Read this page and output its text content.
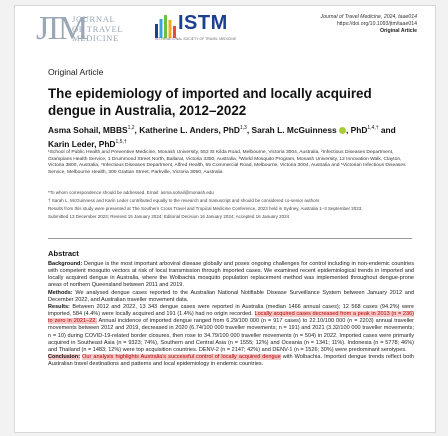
JTM
JOURNAL
OF TRAVEL
MEDICINE
ISTM
INTERNATIONAL SOCIETY OF TRAVEL MEDICINE
Journal of Travel Medicine, 2024, taae014
https://doi.org/10.1093/jtm/taae014
Original Article
Original Article
The epidemiology of imported and locally acquired dengue in Australia, 2012–2022
Asma Sohail, MBBS$^{1,2}$, Katherine L. Anders, PhD$^{1,3}$, Sarah L. McGuinness , PhD$^{1,4,\dagger}$ and
Karin Leder, PhD$^{1,5,\dagger}$
¹School of Public Health and Preventive Medicine, Monash University, 553 St Kilda Road, Melbourne, Victoria 3004, Australia, ²Infectious Diseases Department, Grampians Health Service, 1 Drummond Street North, Ballarat, Victoria 3350, Australia, ³World Mosquito Program, Monash University, 12 Innovation Walk, Clayton, Victoria 3800, Australia, ⁴Infectious Diseases Department, Alfred Health, 55 Commercial Road, Melbourne, Victoria 3004, Australia and ⁵Victorian Infectious Diseases Service, Melbourne Health, 300 Grattan Street, Parkville, Victoria 3050, Australia
*To whom correspondence should be addressed. Email: asma.sohail@monash.edu
† Sarah L. McGuinness and Karin Leder contributed equally to the research and manuscript and should be considered co-senior authors
Results from this study were presented at The Southern Cross Travel and Tropical Medicine Conference, 2023 held in Sydney, Australia 1–3 September 2023.
Submitted 13 December 2023; Revised 15 January 2024; Editorial Decision 16 January 2024; Accepted 16 January 2024
Abstract

Background: Dengue is the most important arboviral disease globally and poses ongoing challenges for control including in non-endemic countries with competent mosquito vectors at risk of local transmission through imported cases. We examined recent epidemiological trends in imported and locally acquired dengue in Australia, where the Wolbachia mosquito population replacement method was implemented throughout dengue-prone areas of northern Queensland between 2011 and 2019.

Methods: We analysed dengue cases reported to the Australian National Notifiable Disease Surveillance System between January 2012 and December 2022, and Australian traveller movement data.

Results: Between 2012 and 2022, 13 343 dengue cases were reported in Australia (median 1466 annual cases); 12 568 cases (94.2%) were imported, 584 (4.4%) were locally acquired and 191 (1.4%) had no origin recorded. Locally acquired cases decreased from a peak in 2013 (n = 236) to zero in 2021–22. Annual incidence of imported dengue ranged from 6.29/100 000 (n = 917 cases) to 22.10/100 000 (n = 2203) annual traveller movements between 2012 and 2019, decreased in 2020 (6.74/100 000 traveller movements; n = 191) and 2021 (3.32/100 000 traveller movements; n = 10) during COVID-19-related border closures, then rose to 34.79/100 000 traveller movements (n = 504) in 2022. Imported cases were primarily acquired in Southeast Asia (n = 9323; 74%), Southern and Central Asia (n = 1555; 12%) and Oceania (n = 1341; 11%). Indonesia (n = 5778; 46%) and Thailand (n = 1483; 12%) were top acquisition countries. DENV-2 (n = 2147; 42%) and DENV-1 (n = 1526; 30%) were predominant serotypes.

Conclusion: Our analysis highlights Australia's successful control of locally acquired dengue with Wolbachia. Imported dengue trends reflect both Australian travel destinations and patterns and local epidemiology in endemic countries.
